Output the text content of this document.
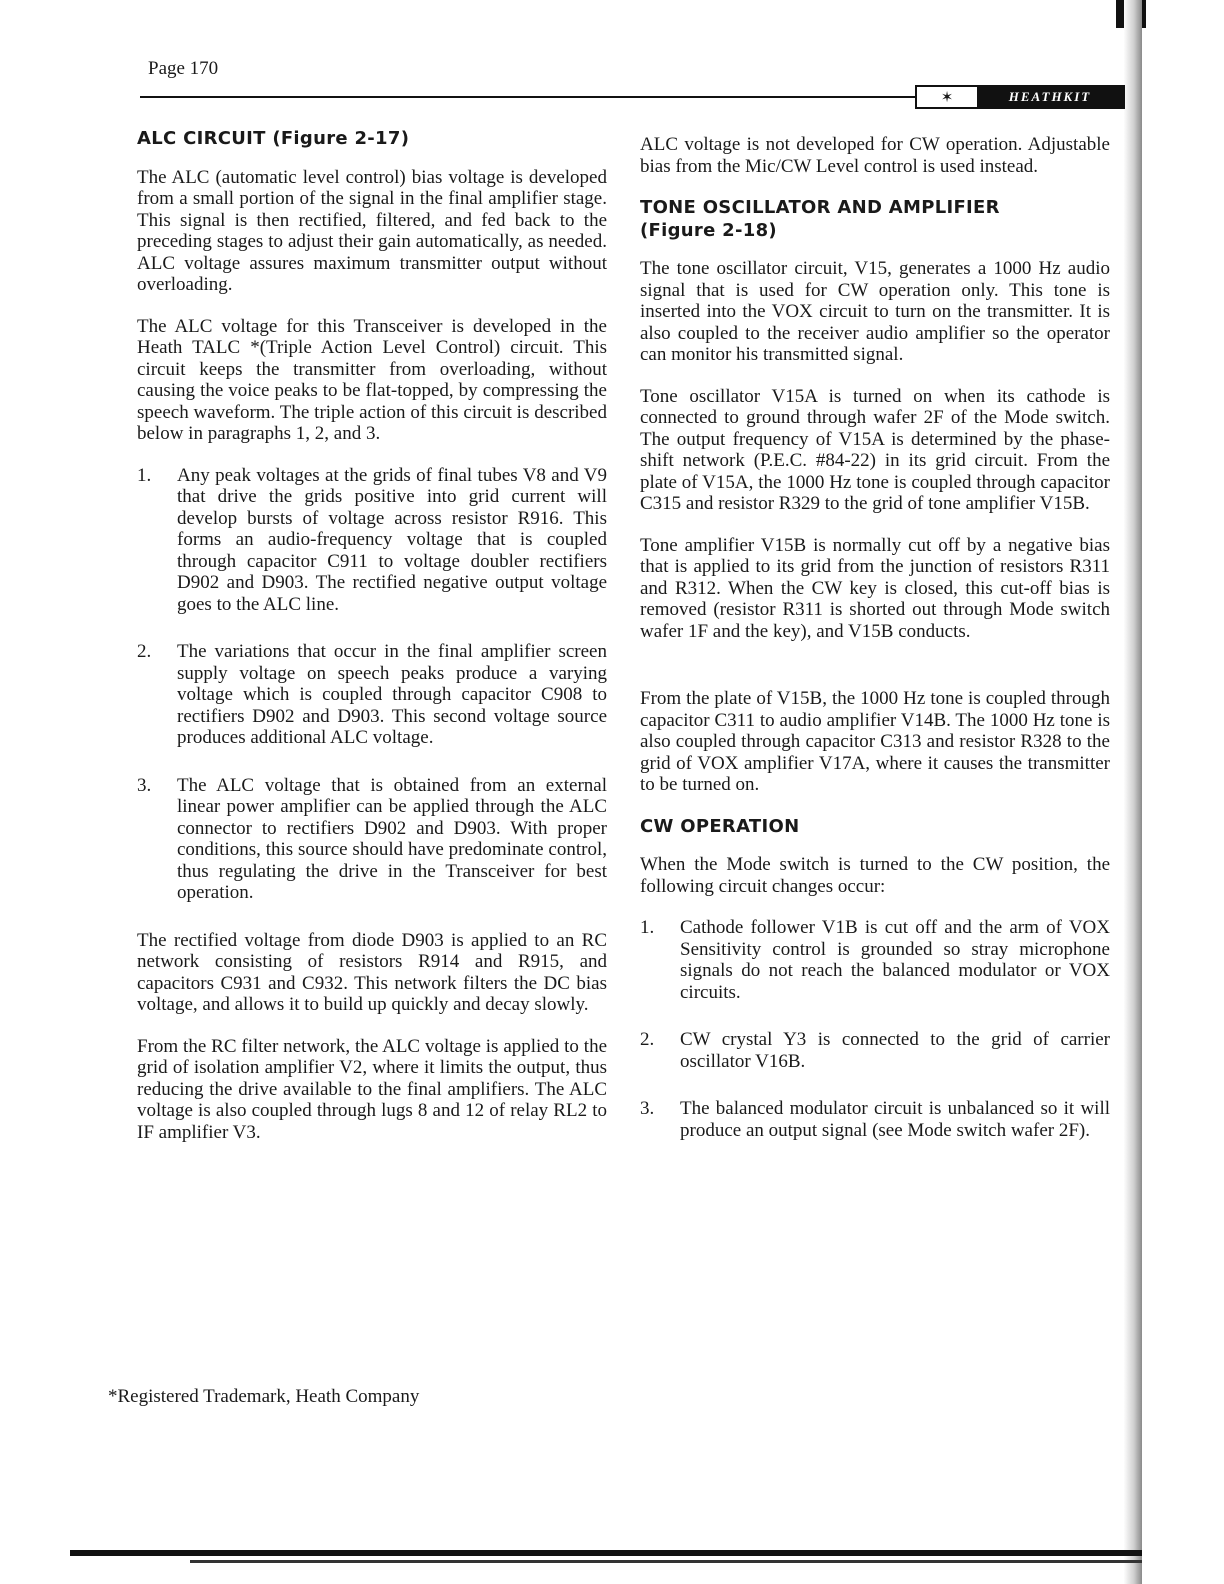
Page 170
✶	HEATHKIT
ALC CIRCUIT (Figure 2-17)

The ALC (automatic level control) bias voltage is developed from a small portion of the signal in the final amplifier stage. This signal is then rectified, filtered, and fed back to the preceding stages to adjust their gain automatically, as needed. ALC voltage assures maximum transmitter output without overloading.

The ALC voltage for this Transceiver is developed in the Heath TALC *(Triple Action Level Control) circuit. This circuit keeps the transmitter from overloading, without causing the voice peaks to be flat-topped, by compressing the speech waveform. The triple action of this circuit is described below in paragraphs 1, 2, and 3.

1.	Any peak voltages at the grids of final tubes V8 and V9 that drive the grids positive into grid current will develop bursts of voltage across resistor R916. This forms an audio-frequency voltage that is coupled through capacitor C911 to voltage doubler rectifiers D902 and D903. The rectified negative output voltage goes to the ALC line.
2.	The variations that occur in the final amplifier screen supply voltage on speech peaks produce a varying voltage which is coupled through capacitor C908 to rectifiers D902 and D903. This second voltage source produces additional ALC voltage.
3.	The ALC voltage that is obtained from an external linear power amplifier can be applied through the ALC connector to rectifiers D902 and D903. With proper conditions, this source should have predominate control, thus regulating the drive in the Transceiver for best operation.

The rectified voltage from diode D903 is applied to an RC network consisting of resistors R914 and R915, and capacitors C931 and C932. This network filters the DC bias voltage, and allows it to build up quickly and decay slowly.

From the RC filter network, the ALC voltage is applied to the grid of isolation amplifier V2, where it limits the output, thus reducing the drive available to the final amplifiers. The ALC voltage is also coupled through lugs 8 and 12 of relay RL2 to IF amplifier V3.

*Registered Trademark, Heath Company

ALC voltage is not developed for CW operation. Adjustable bias from the Mic/CW Level control is used instead.

TONE OSCILLATOR AND AMPLIFIER
(Figure 2-18)

The tone oscillator circuit, V15, generates a 1000 Hz audio signal that is used for CW operation only. This tone is inserted into the VOX circuit to turn on the transmitter. It is also coupled to the receiver audio amplifier so the operator can monitor his transmitted signal.

Tone oscillator V15A is turned on when its cathode is connected to ground through wafer 2F of the Mode switch. The output frequency of V15A is determined by the phase-shift network (P.E.C. #84-22) in its grid circuit. From the plate of V15A, the 1000 Hz tone is coupled through capacitor C315 and resistor R329 to the grid of tone amplifier V15B.

Tone amplifier V15B is normally cut off by a negative bias that is applied to its grid from the junction of resistors R311 and R312. When the CW key is closed, this cut-off bias is removed (resistor R311 is shorted out through Mode switch wafer 1F and the key), and V15B conducts.

From the plate of V15B, the 1000 Hz tone is coupled through capacitor C311 to audio amplifier V14B. The 1000 Hz tone is also coupled through capacitor C313 and resistor R328 to the grid of VOX amplifier V17A, where it causes the transmitter to be turned on.

CW OPERATION

When the Mode switch is turned to the CW position, the following circuit changes occur:

1.	Cathode follower V1B is cut off and the arm of VOX Sensitivity control is grounded so stray microphone signals do not reach the balanced modulator or VOX circuits.
2.	CW crystal Y3 is connected to the grid of carrier oscillator V16B.
3.	The balanced modulator circuit is unbalanced so it will produce an output signal (see Mode switch wafer 2F).
